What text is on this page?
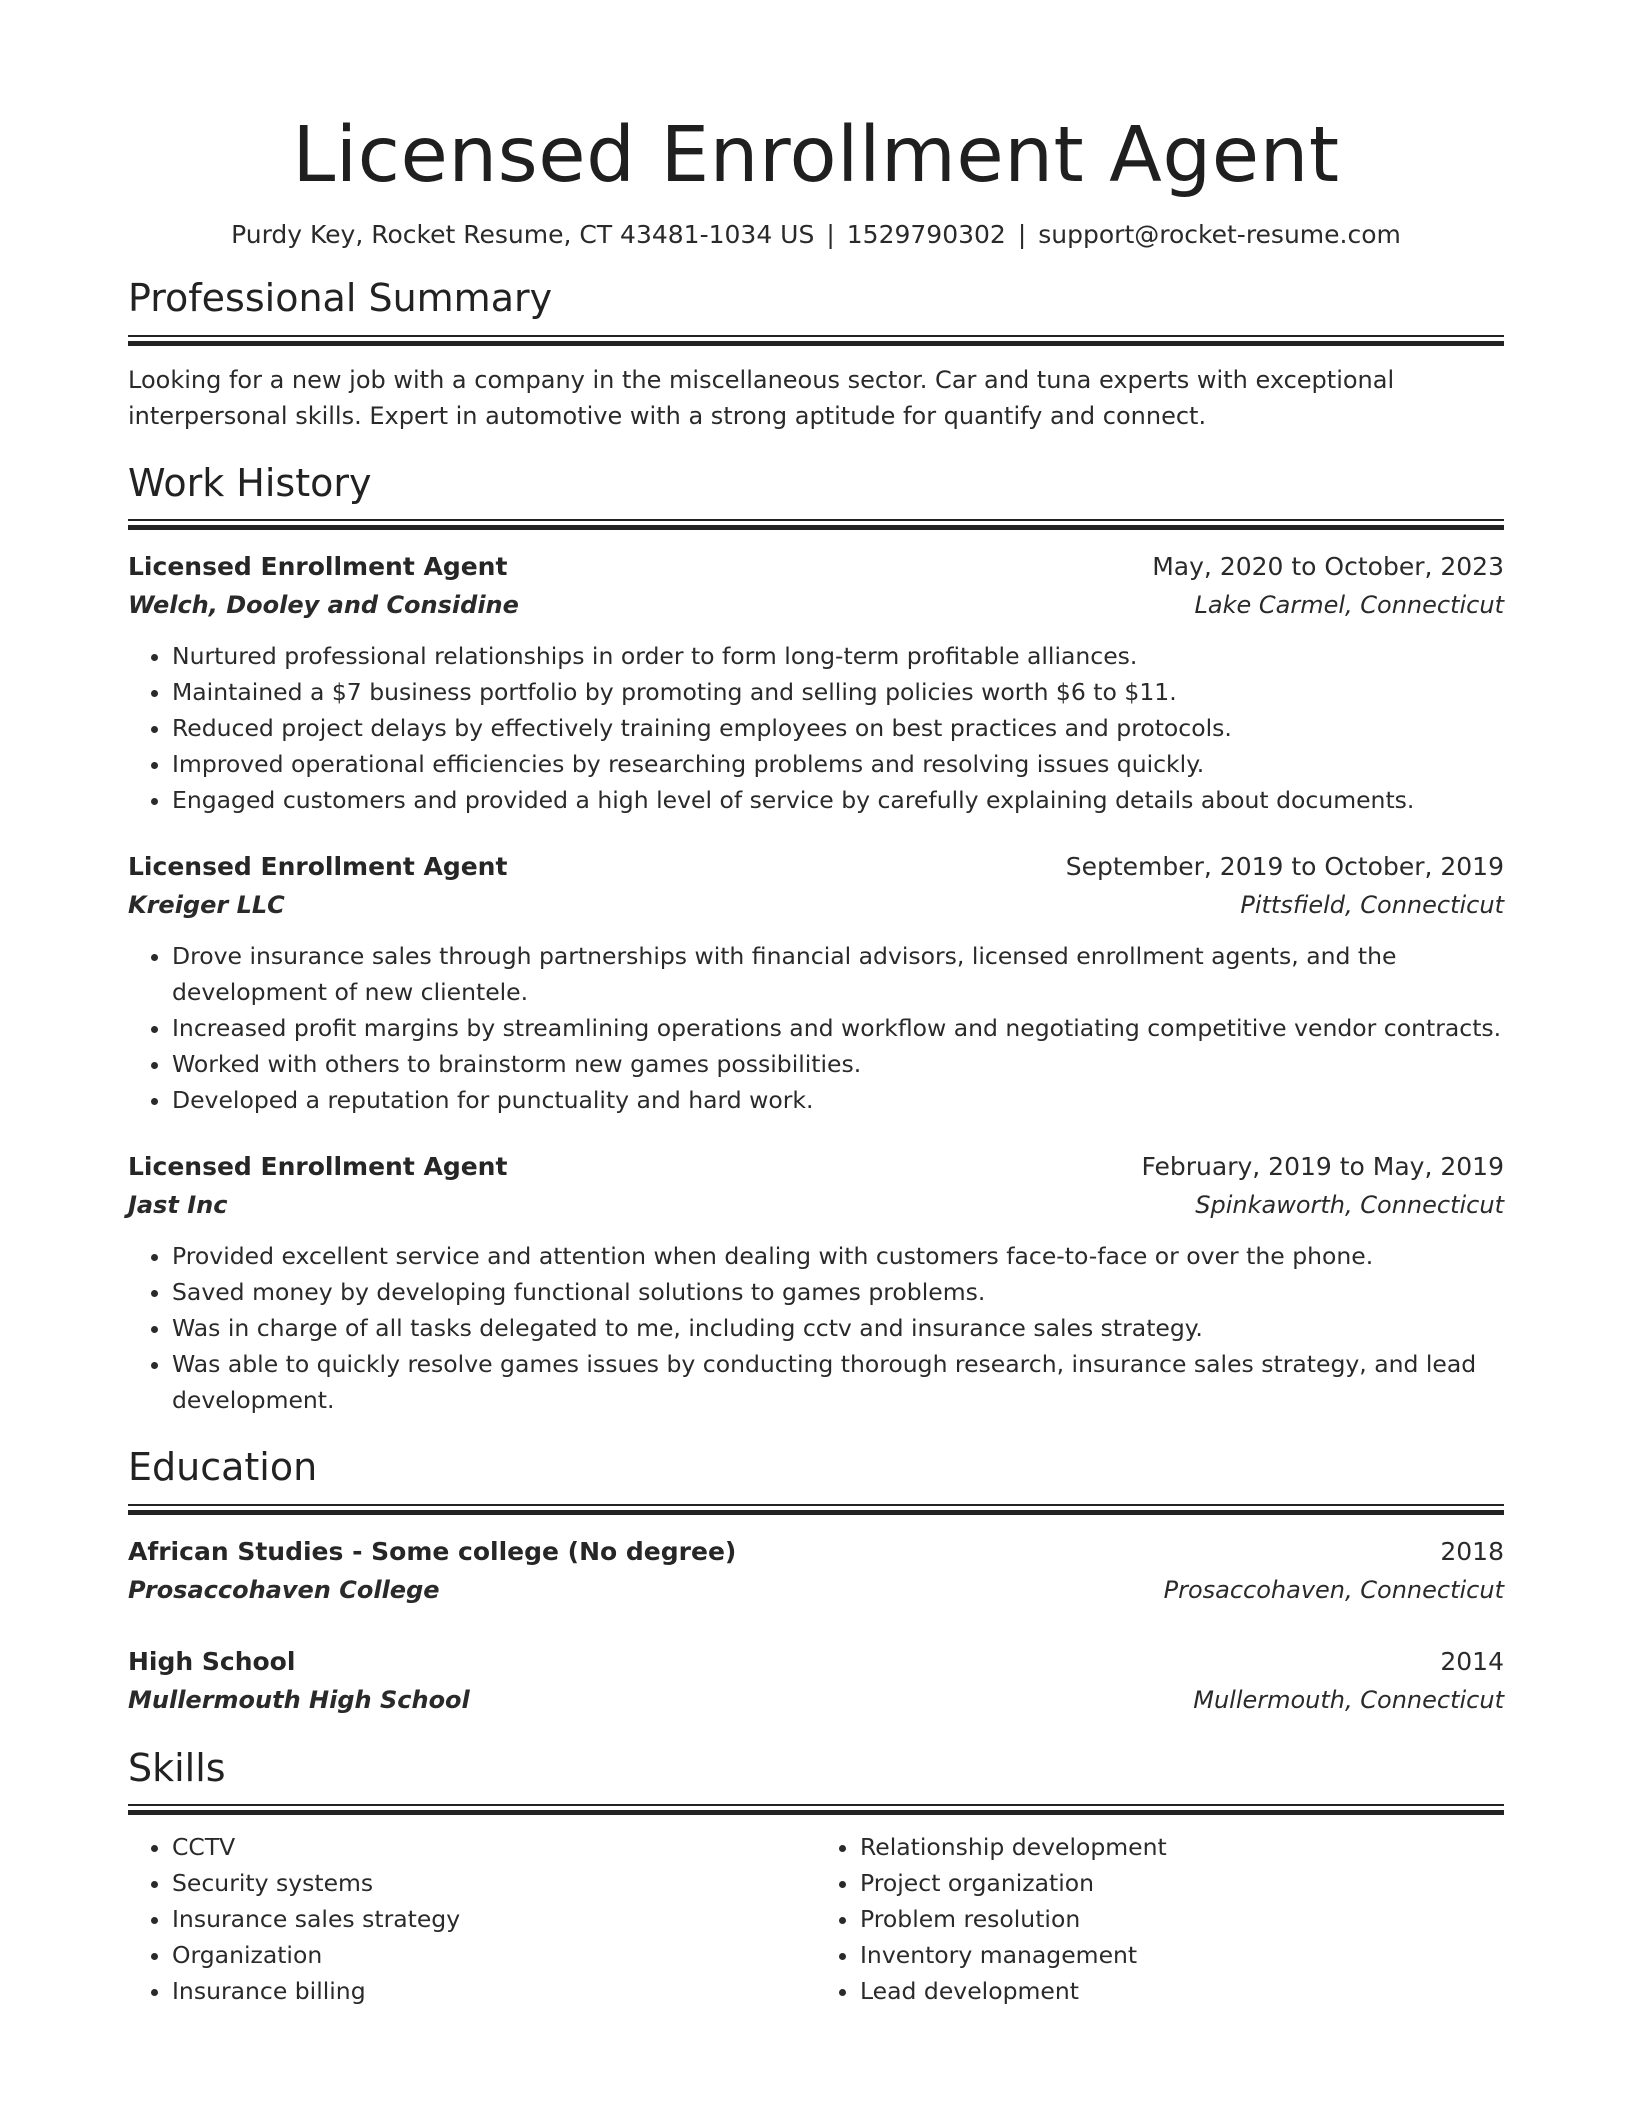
Licensed Enrollment Agent
Purdy Key, Rocket Resume, CT 43481-1034 US | 1529790302 | support@rocket-resume.com
Professional Summary
Looking for a new job with a company in the miscellaneous sector. Car and tuna experts with exceptional interpersonal skills. Expert in automotive with a strong aptitude for quantify and connect.
Work History
Licensed Enrollment Agent	May, 2020 to October, 2023
Welch, Dooley and Considine	Lake Carmel, Connecticut
• Nurtured professional relationships in order to form long-term profitable alliances.
• Maintained a $7 business portfolio by promoting and selling policies worth $6 to $11.
• Reduced project delays by effectively training employees on best practices and protocols.
• Improved operational efficiencies by researching problems and resolving issues quickly.
• Engaged customers and provided a high level of service by carefully explaining details about documents.
Licensed Enrollment Agent	September, 2019 to October, 2019
Kreiger LLC	Pittsfield, Connecticut
• Drove insurance sales through partnerships with financial advisors, licensed enrollment agents, and the development of new clientele.
• Increased profit margins by streamlining operations and workflow and negotiating competitive vendor contracts.
• Worked with others to brainstorm new games possibilities.
• Developed a reputation for punctuality and hard work.
Licensed Enrollment Agent	February, 2019 to May, 2019
Jast Inc	Spinkaworth, Connecticut
• Provided excellent service and attention when dealing with customers face-to-face or over the phone.
• Saved money by developing functional solutions to games problems.
• Was in charge of all tasks delegated to me, including cctv and insurance sales strategy.
• Was able to quickly resolve games issues by conducting thorough research, insurance sales strategy, and lead development.
Education
African Studies - Some college (No degree)	2018
Prosaccohaven College	Prosaccohaven, Connecticut
High School	2014
Mullermouth High School	Mullermouth, Connecticut
Skills
• CCTV
• Security systems
• Insurance sales strategy
• Organization
• Insurance billing
• Relationship development
• Project organization
• Problem resolution
• Inventory management
• Lead development
